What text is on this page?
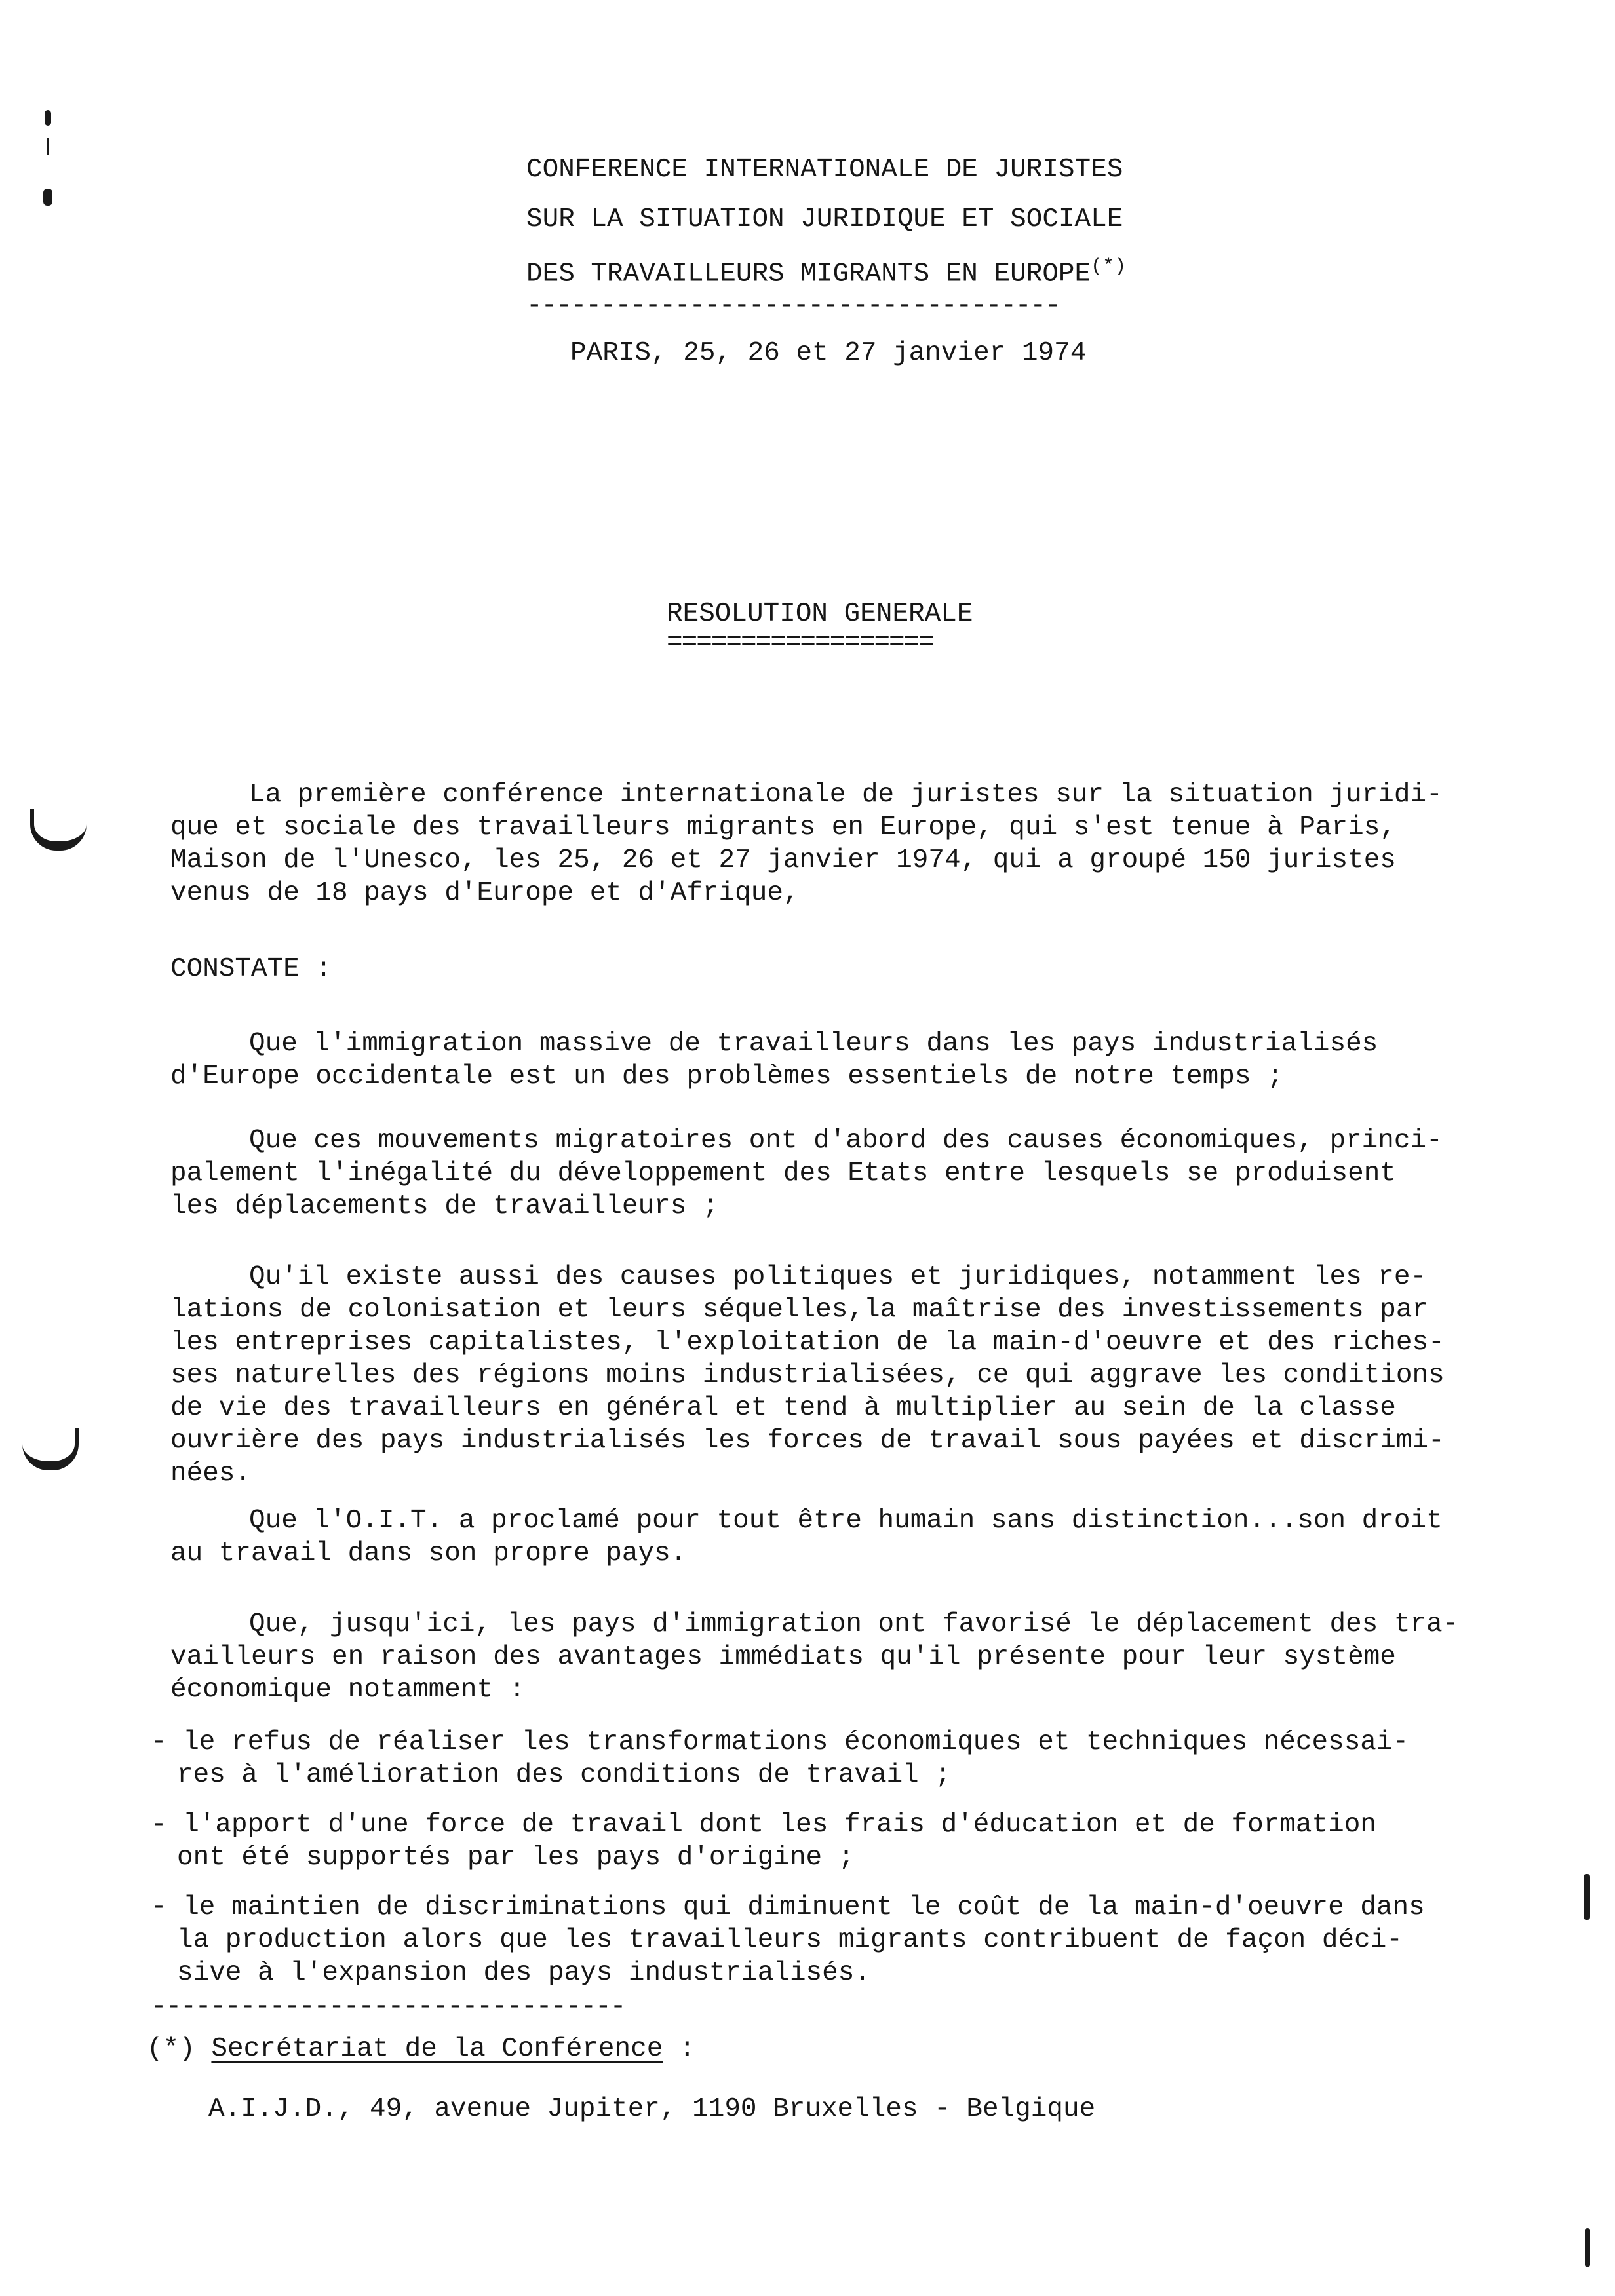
CONFERENCE INTERNATIONALE DE JURISTES
SUR LA SITUATION JURIDIQUE ET SOCIALE
DES TRAVAILLEURS MIGRANTS EN EUROPE(*)
------------------------------------
PARIS, 25, 26 et 27 janvier 1974
RESOLUTION GENERALE
==================
La première conférence internationale de juristes sur la situation juridi-
que et sociale des travailleurs migrants en Europe, qui s'est tenue à Paris,
Maison de l'Unesco, les 25, 26 et 27 janvier 1974, qui a groupé 150 juristes
venus de 18 pays d'Europe et d'Afrique,
CONSTATE :
Que l'immigration massive de travailleurs dans les pays industrialisés
d'Europe occidentale est un des problèmes essentiels de notre temps ;
Que ces mouvements migratoires ont d'abord des causes économiques, princi-
palement l'inégalité du développement des Etats entre lesquels se produisent
les déplacements de travailleurs ;
Qu'il existe aussi des causes politiques et juridiques, notamment les re-
lations de colonisation et leurs séquelles,la maîtrise des investissements par
les entreprises capitalistes, l'exploitation de la main-d'oeuvre et des riches-
ses naturelles des régions moins industrialisées, ce qui aggrave les conditions
de vie des travailleurs en général et tend à multiplier au sein de la classe
ouvrière des pays industrialisés les forces de travail sous payées et discrimi-
nées.
Que l'O.I.T. a proclamé pour tout être humain sans distinction...son droit
au travail dans son propre pays.
Que, jusqu'ici, les pays d'immigration ont favorisé le déplacement des tra-
vailleurs en raison des avantages immédiats qu'il présente pour leur système
économique notamment :
- le refus de réaliser les transformations économiques et techniques nécessai-
res à l'amélioration des conditions de travail ;
- l'apport d'une force de travail dont les frais d'éducation et de formation
ont été supportés par les pays d'origine ;
- le maintien de discriminations qui diminuent le coût de la main-d'oeuvre dans
la production alors que les travailleurs migrants contribuent de façon déci-
sive à l'expansion des pays industrialisés.
--------------------------------
(*) Secrétariat de la Conférence :
A.I.J.D., 49, avenue Jupiter, 1190 Bruxelles - Belgique
